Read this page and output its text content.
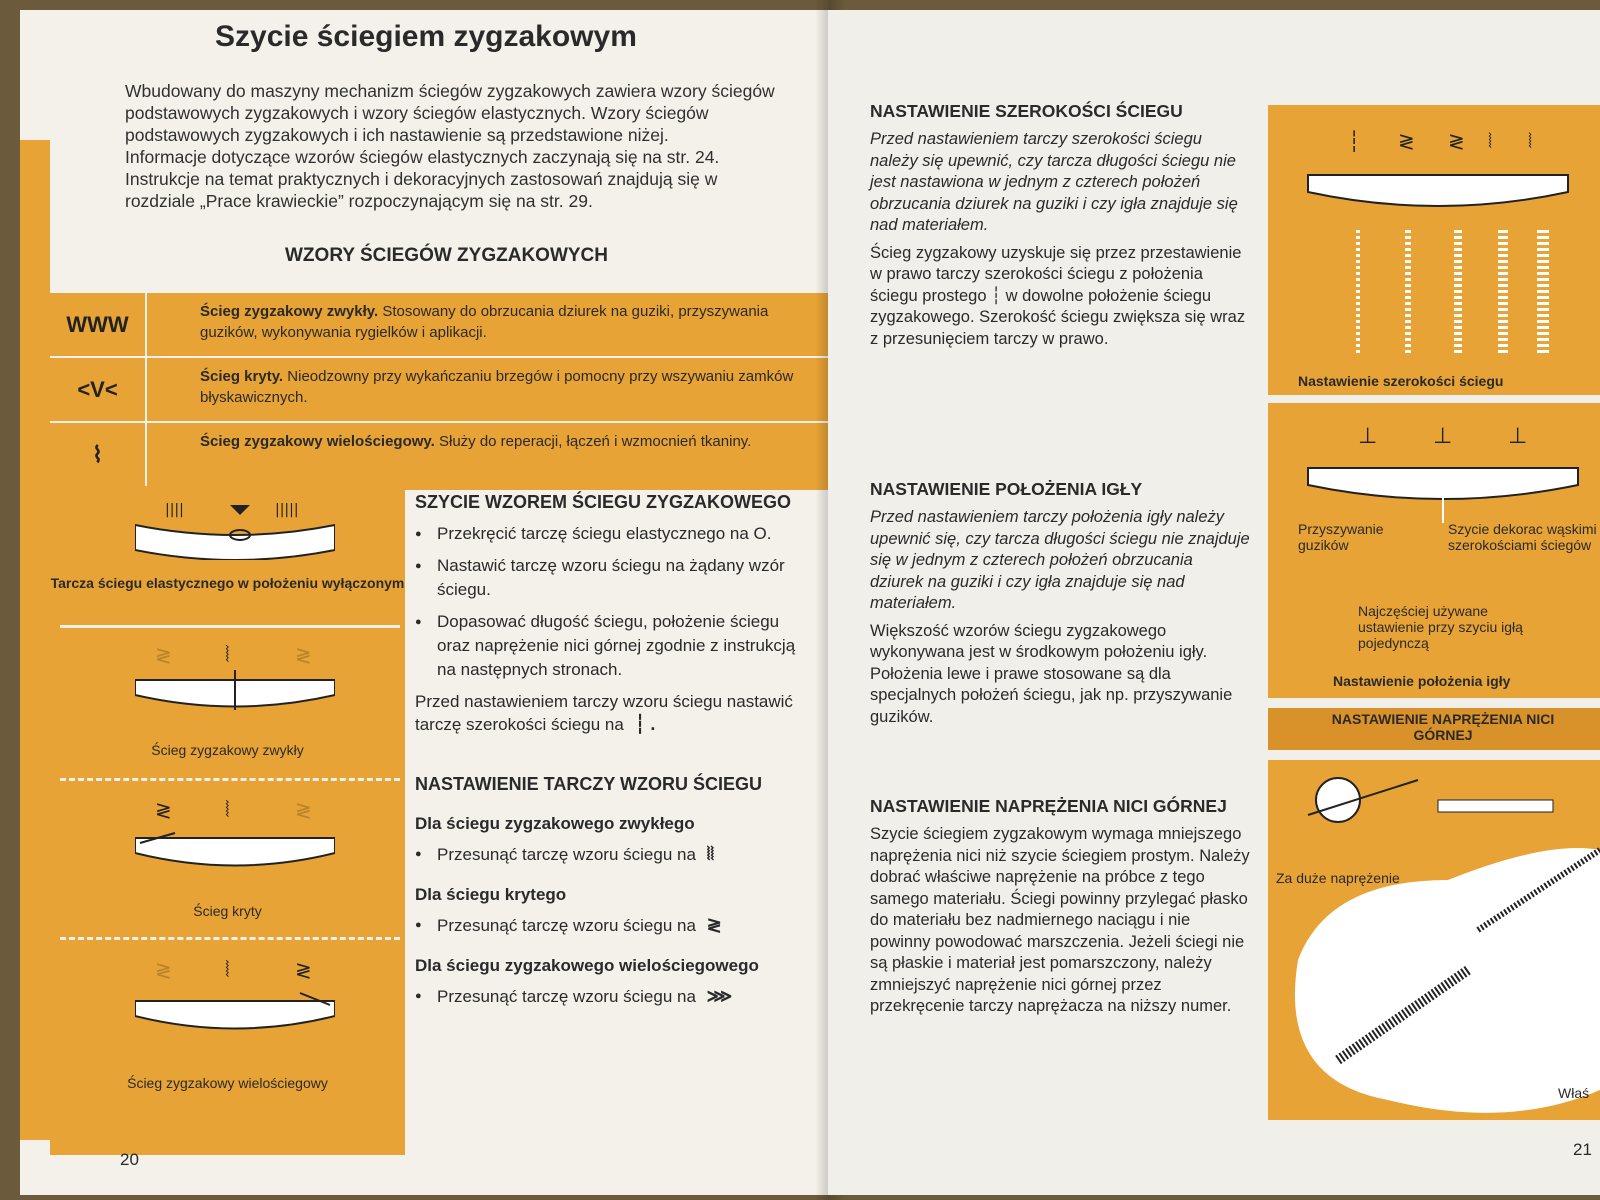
Szycie ściegiem zygzakowym

Wbudowany do maszyny mechanizm ściegów zygzakowych zawiera wzory ściegów podstawowych zygzakowych i wzory ściegów elastycznych. Wzory ściegów podstawowych zygzakowych i ich nastawienie są przedstawione niżej.

Informacje dotyczące wzorów ściegów elastycznych zaczynają się na str. 24. Instrukcje na temat praktycznych i dekoracyjnych zastosowań znajdują się w rozdziale „Prace krawieckie” rozpoczynającym się na str. 29.

WZORY ŚCIEGÓW ZYGZAKOWYCH
WWW	Ścieg zygzakowy zwykły. Stosowany do obrzucania dziurek na guziki, przyszywania guzików, wykonywania rygielków i aplikacji.
<V<	Ścieg kryty. Nieodzowny przy wykańczaniu brzegów i pomocny przy wszywaniu zamków błyskawicznych.
⌇	Ścieg zygzakowy wielościegowy. Służy do reperacji, łączeń i wzmocnień tkaniny.
||||	|||||
Tarcza ściegu elastycznego w położeniu wyłączonym
≷ ⦚	≷
Ścieg zygzakowy zwykły
≷ ⦚	≷
Ścieg kryty
≷ ⦚	≷
Ścieg zygzakowy wielościegowy
SZYCIE WZOREM ŚCIEGU ZYGZAKOWEGO
● Przekręcić tarczę ściegu elastycznego na O.
● Nastawić tarczę wzoru ściegu na żądany wzór ściegu.
● Dopasować długość ściegu, położenie ściegu oraz naprężenie nici górnej zgodnie z instrukcją na następnych stronach.
Przed nastawieniem tarczy wzoru ściegu nastawić tarczę szerokości ściegu na ┆ .
NASTAWIENIE TARCZY WZORU ŚCIEGU
Dla ściegu zygzakowego zwykłego
● Przesunąć tarczę wzoru ściegu na ⦚⦚
Dla ściegu krytego
● Przesunąć tarczę wzoru ściegu na ≷
Dla ściegu zygzakowego wielościegowego
● Przesunąć tarczę wzoru ściegu na ⋙
20
NASTAWIENIE SZEROKOŚCI ŚCIEGU

Przed nastawieniem tarczy szerokości ściegu należy się upewnić, czy tarcza długości ściegu nie jest nastawiona w jednym z czterech położeń obrzucania dziurek na guziki i czy igła znajduje się nad materiałem.

Ścieg zygzakowy uzyskuje się przez przestawienie w prawo tarczy szerokości ściegu z położenia ściegu prostego ┆ w dowolne położenie ściegu zygzakowego. Szerokość ściegu zwiększa się wraz z przesunięciem tarczy w prawo.

NASTAWIENIE POŁOŻENIA IGŁY

Przed nastawieniem tarczy położenia igły należy upewnić się, czy tarcza długości ściegu nie znajduje się w jednym z czterech położeń obrzucania dziurek na guziki i czy igła znajduje się nad materiałem.

Większość wzorów ściegu zygzakowego wykonywana jest w środkowym położeniu igły. Położenia lewe i prawe stosowane są dla specjalnych położeń ściegu, jak np. przyszywanie guzików.

NASTAWIENIE NAPRĘŻENIA NICI GÓRNEJ

Szycie ściegiem zygzakowym wymaga mniejszego naprężenia nici niż szycie ściegiem prostym. Należy dobrać właściwe naprężenie na próbce z tego samego materiału. Ściegi powinny przylegać płasko do materiału bez nadmiernego naciągu i nie powinny powodować marszczenia. Jeżeli ściegi nie są płaskie i materiał jest pomarszczony, należy zmniejszyć naprężenie nici górnej przez przekręcenie tarczy naprężacza na niższy numer.

┆ ≷ ≷ ⦚ ⦚
Nastawienie szerokości ściegu
⊥	⊥	⊥
Przyszywanie guzików
Szycie dekorac wąskimi szerokościami ściegów
Najczęściej używane ustawienie przy szyciu igłą pojedynczą
Nastawienie położenia igły
NASTAWIENIE NAPRĘŻENIA NICI GÓRNEJ
Za duże naprężenie
Właś
21
